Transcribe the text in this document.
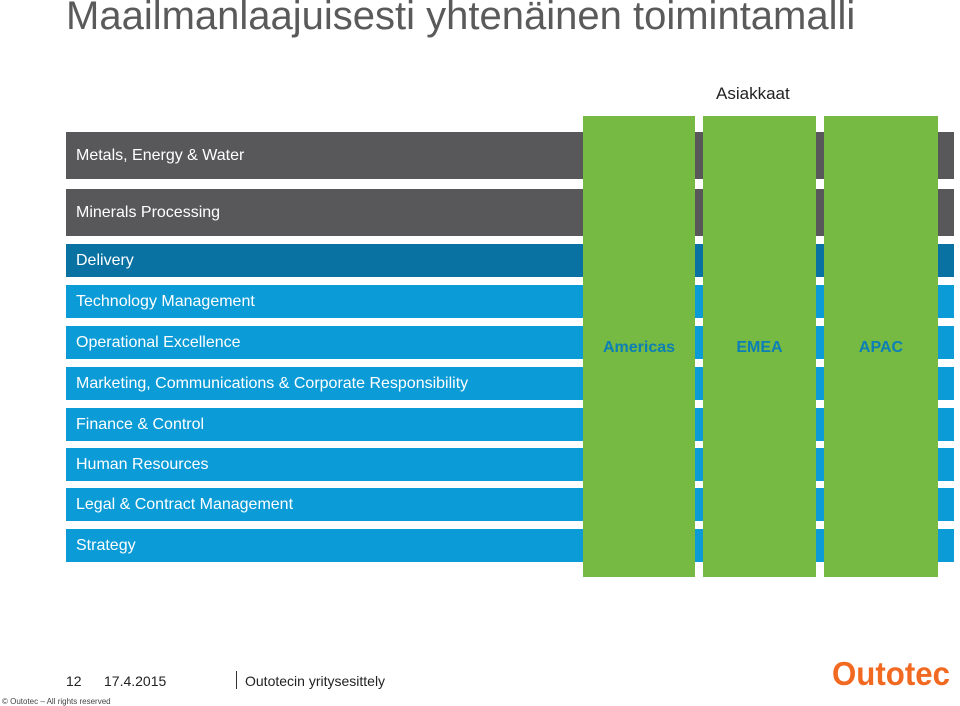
Maailmanlaajuisesti yhtenäinen toimintamalli
Asiakkaat
Metals, Energy & Water
Minerals Processing
Delivery
Technology Management
Operational Excellence
Marketing, Communications & Corporate Responsibility
Finance & Control
Human Resources
Legal & Contract Management
Strategy
Americas	EMEA	APAC
12 17.4.2015	Outotecin yritysesittely
© Outotec – All rights reserved
Outotec
